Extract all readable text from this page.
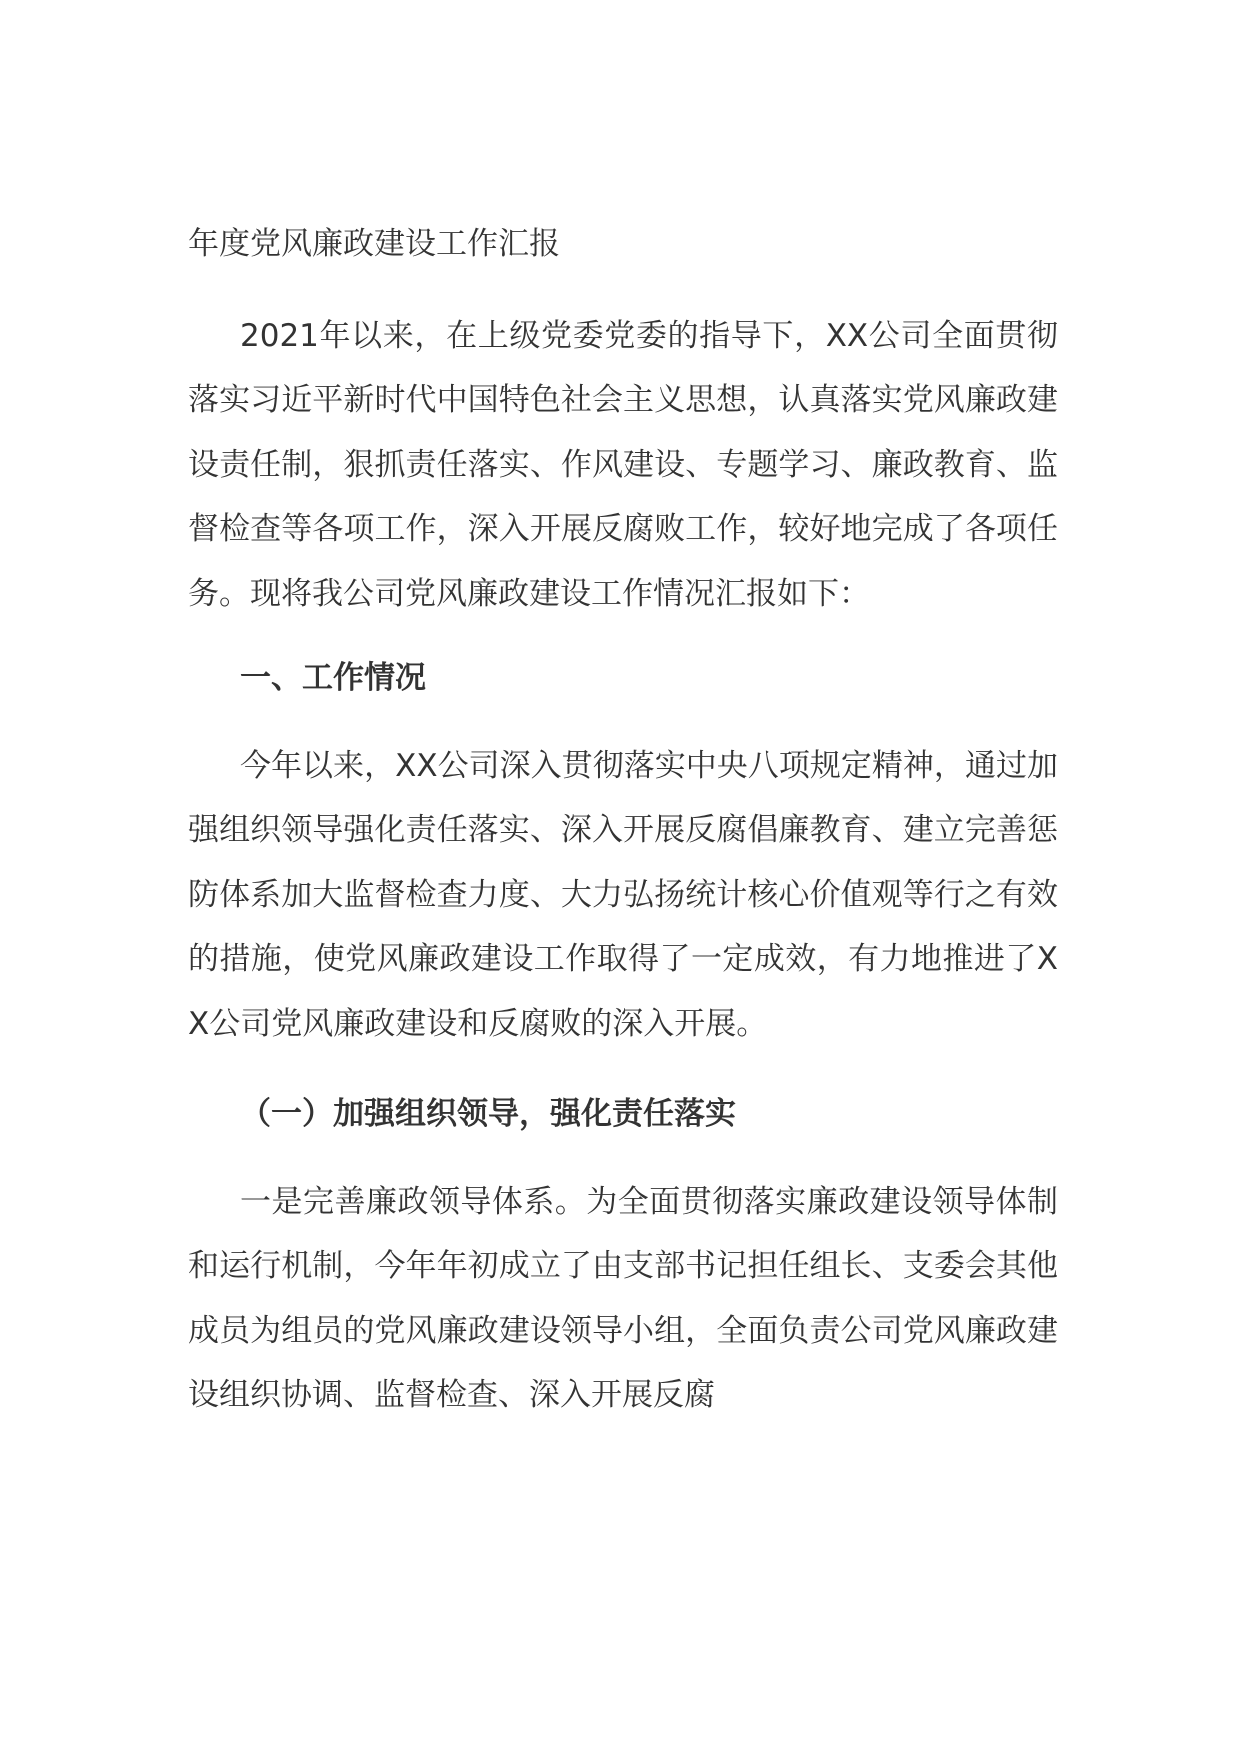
年度党风廉政建设工作汇报

2021年以来，在上级党委党委的指导下，XX公司全面贯彻落实习近平新时代中国特色社会主义思想，认真落实党风廉政建设责任制，狠抓责任落实、作风建设、专题学习、廉政教育、监督检查等各项工作，深入开展反腐败工作，较好地完成了各项任务。现将我公司党风廉政建设工作情况汇报如下：

一、工作情况

今年以来，XX公司深入贯彻落实中央八项规定精神，通过加强组织领导强化责任落实、深入开展反腐倡廉教育、建立完善惩防体系加大监督检查力度、大力弘扬统计核心价值观等行之有效的措施，使党风廉政建设工作取得了一定成效，有力地推进了XX公司党风廉政建设和反腐败的深入开展。

（一）加强组织领导，强化责任落实

一是完善廉政领导体系。为全面贯彻落实廉政建设领导体制和运行机制，今年年初成立了由支部书记担任组长、支委会其他成员为组员的党风廉政建设领导小组，全面负责公司党风廉政建设组织协调、监督检查、深入开展反腐
